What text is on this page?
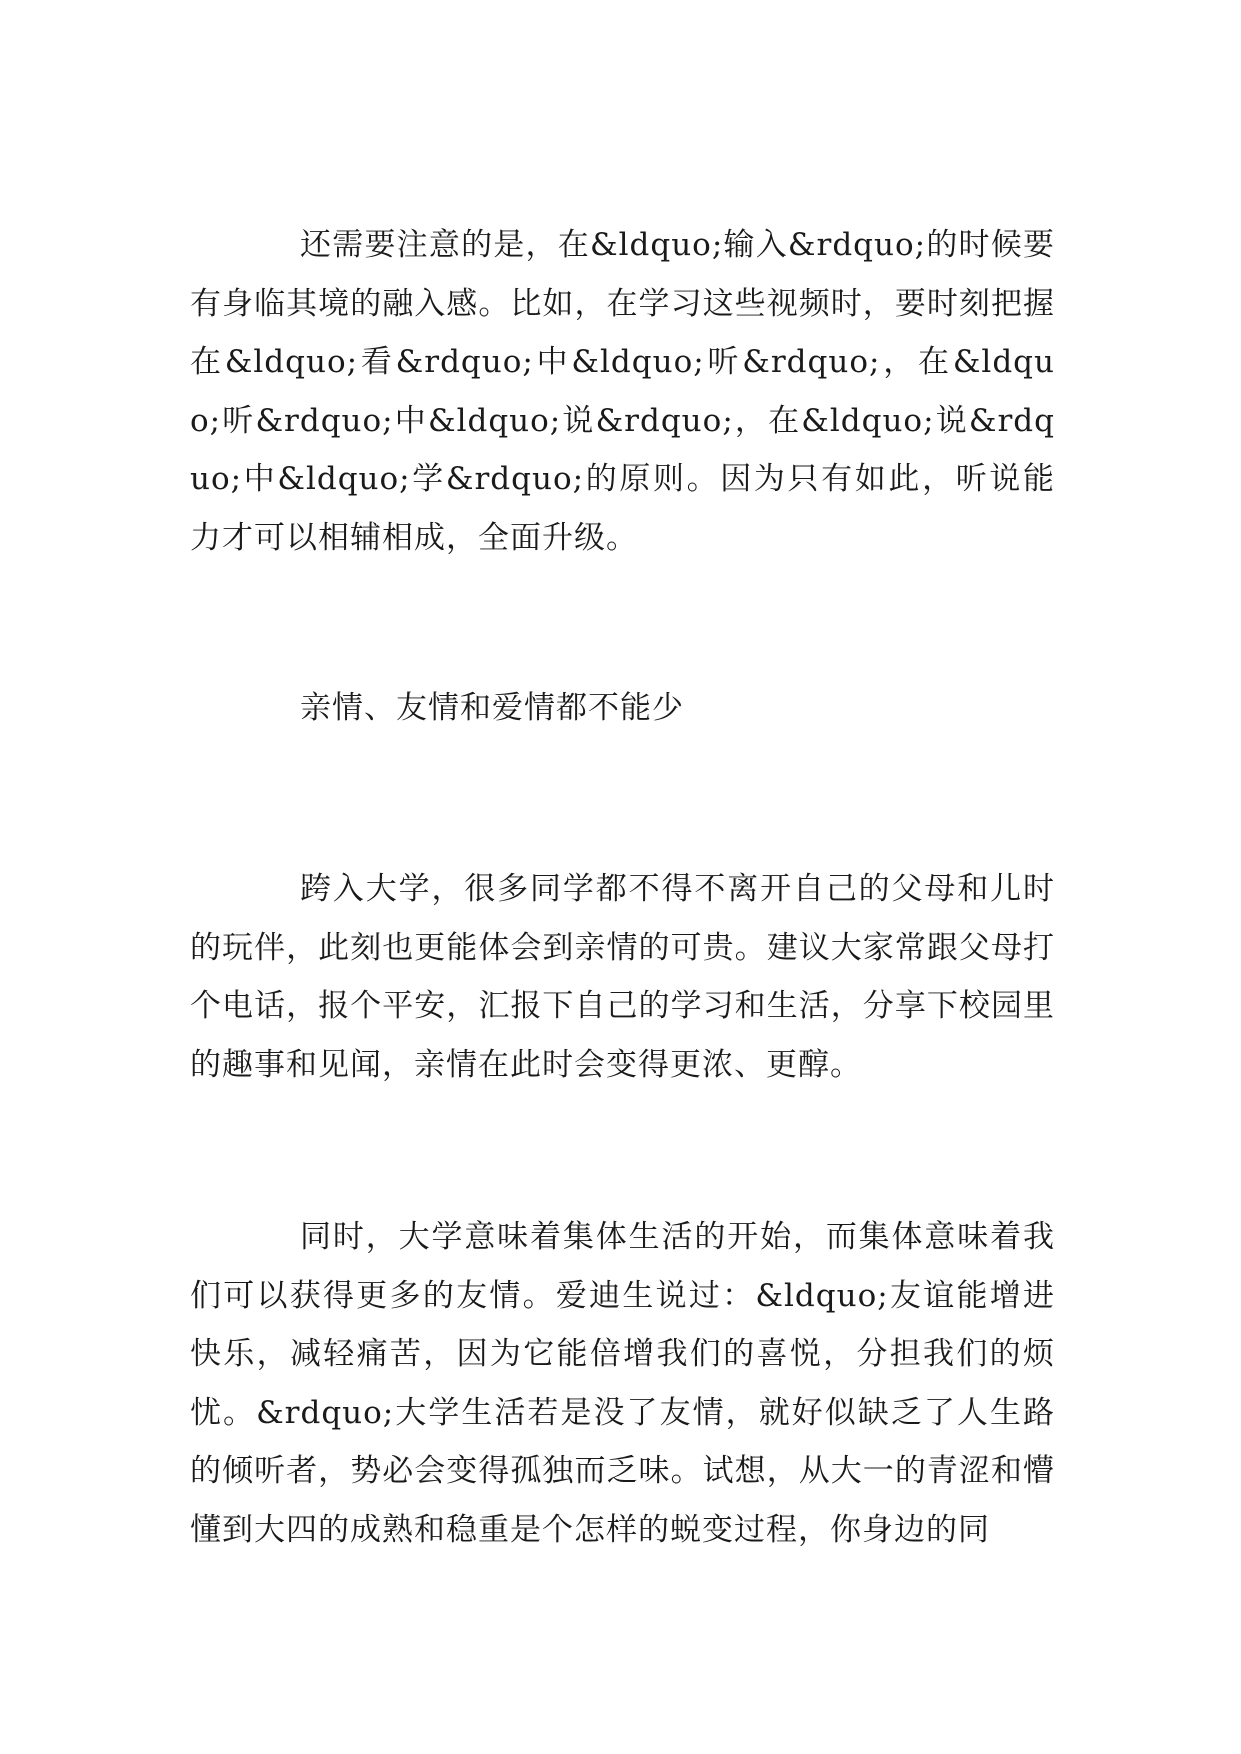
还需要注意的是，在&ldquo;输入&rdquo;的时候要有身临其境的融入感。比如，在学习这些视频时，要时刻把握在&ldquo;看&rdquo;中&ldquo;听&rdquo;，在&ldquo;听&rdquo;中&ldquo;说&rdquo;，在&ldquo;说&rdquo;中&ldquo;学&rdquo;的原则。因为只有如此，听说能力才可以相辅相成，全面升级。

亲情、友情和爱情都不能少

跨入大学，很多同学都不得不离开自己的父母和儿时的玩伴，此刻也更能体会到亲情的可贵。建议大家常跟父母打个电话，报个平安，汇报下自己的学习和生活，分享下校园里的趣事和见闻，亲情在此时会变得更浓、更醇。

同时，大学意味着集体生活的开始，而集体意味着我们可以获得更多的友情。爱迪生说过：&ldquo;友谊能增进快乐，减轻痛苦，因为它能倍增我们的喜悦，分担我们的烦忧。&rdquo;大学生活若是没了友情，就好似缺乏了人生路的倾听者，势必会变得孤独而乏味。试想，从大一的青涩和懵懂到大四的成熟和稳重是个怎样的蜕变过程，你身边的同
